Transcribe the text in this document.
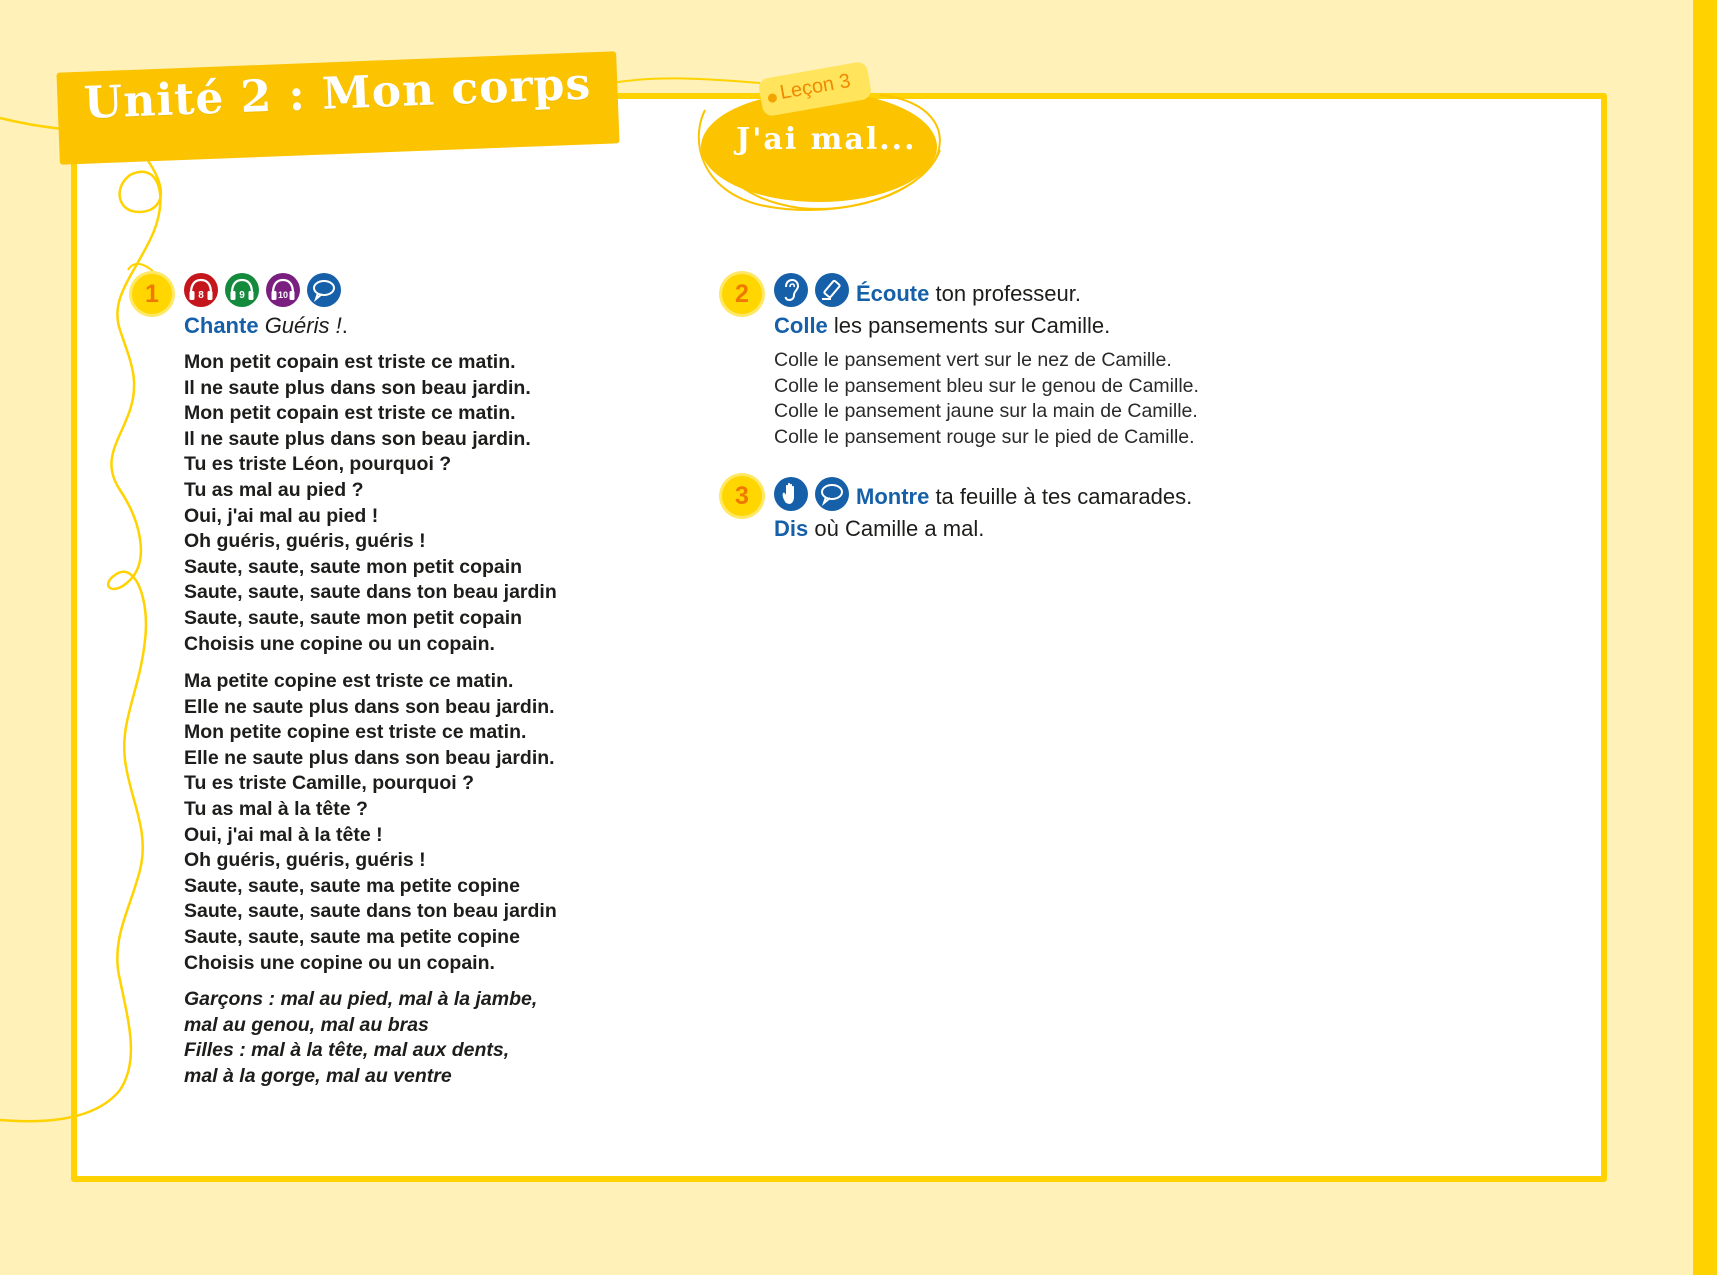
Unité 2 : Mon corps	Leçon 3
J'ai mal...
1	8	9	10
Chante Guéris !.
Mon petit copain est triste ce matin.
Il ne saute plus dans son beau jardin.
Mon petit copain est triste ce matin.
Il ne saute plus dans son beau jardin.
Tu es triste Léon, pourquoi ?
Tu as mal au pied ?
Oui, j'ai mal au pied !
Oh guéris, guéris, guéris !
Saute, saute, saute mon petit copain
Saute, saute, saute dans ton beau jardin
Saute, saute, saute mon petit copain
Choisis une copine ou un copain.
Ma petite copine est triste ce matin.
Elle ne saute plus dans son beau jardin.
Mon petite copine est triste ce matin.
Elle ne saute plus dans son beau jardin.
Tu es triste Camille, pourquoi ?
Tu as mal à la tête ?
Oui, j'ai mal à la tête !
Oh guéris, guéris, guéris !
Saute, saute, saute ma petite copine
Saute, saute, saute dans ton beau jardin
Saute, saute, saute ma petite copine
Choisis une copine ou un copain.
Garçons : mal au pied, mal à la jambe,
mal au genou, mal au bras
Filles : mal à la tête, mal aux dents,
mal à la gorge, mal au ventre
2	Écoute ton professeur.
Colle les pansements sur Camille.
Colle le pansement vert sur le nez de Camille.
Colle le pansement bleu sur le genou de Camille.
Colle le pansement jaune sur la main de Camille.
Colle le pansement rouge sur le pied de Camille.
3	Montre ta feuille à tes camarades.
Dis où Camille a mal.
